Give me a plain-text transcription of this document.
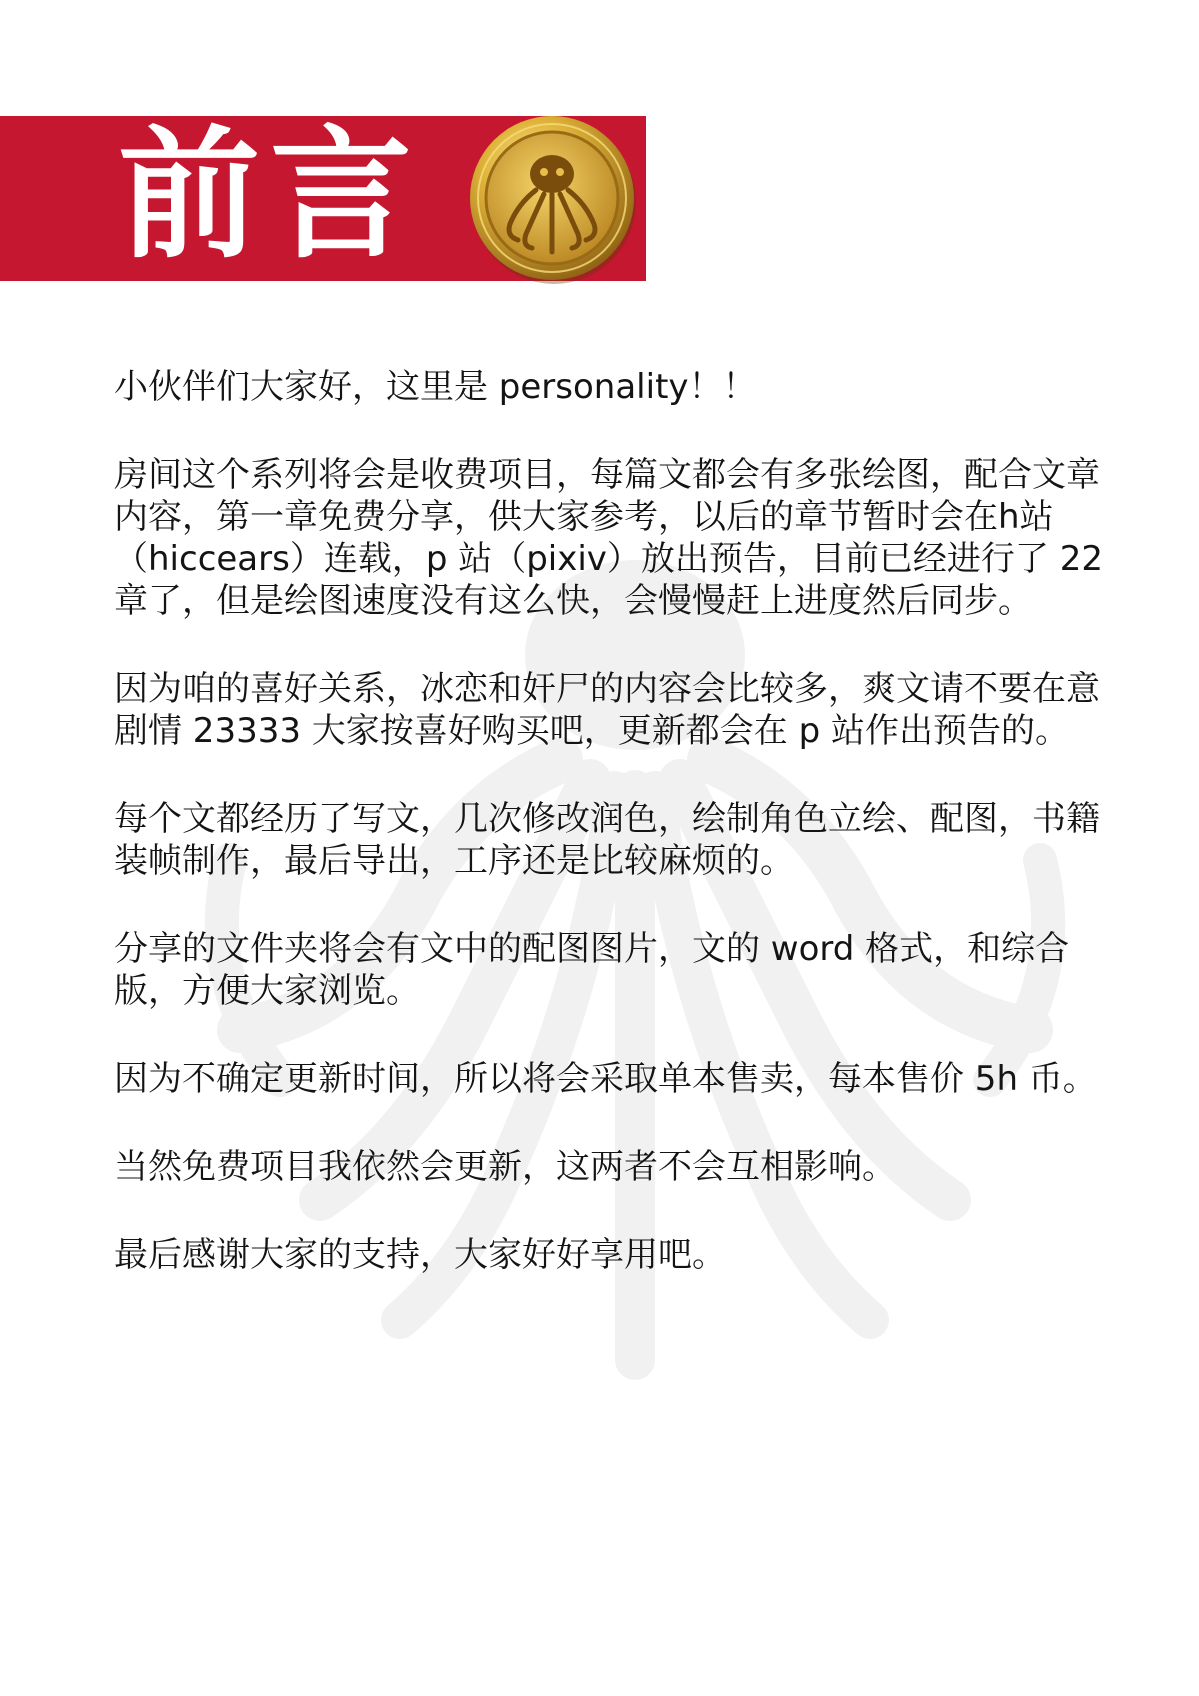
前言

小伙伴们大家好，这里是 personality！！

房间这个系列将会是收费项目，每篇文都会有多张绘图，配合文章内容，第一章免费分享，供大家参考，以后的章节暂时会在h站（hiccears）连载，p 站（pixiv）放出预告，目前已经进行了 22 章了，但是绘图速度没有这么快，会慢慢赶上进度然后同步。

因为咱的喜好关系，冰恋和奸尸的内容会比较多，爽文请不要在意剧情 23333 大家按喜好购买吧，更新都会在 p 站作出预告的。

每个文都经历了写文，几次修改润色，绘制角色立绘、配图，书籍装帧制作，最后导出，工序还是比较麻烦的。

分享的文件夹将会有文中的配图图片，文的 word 格式，和综合版，方便大家浏览。

因为不确定更新时间，所以将会采取单本售卖，每本售价 5h 币。

当然免费项目我依然会更新，这两者不会互相影响。

最后感谢大家的支持，大家好好享用吧。
